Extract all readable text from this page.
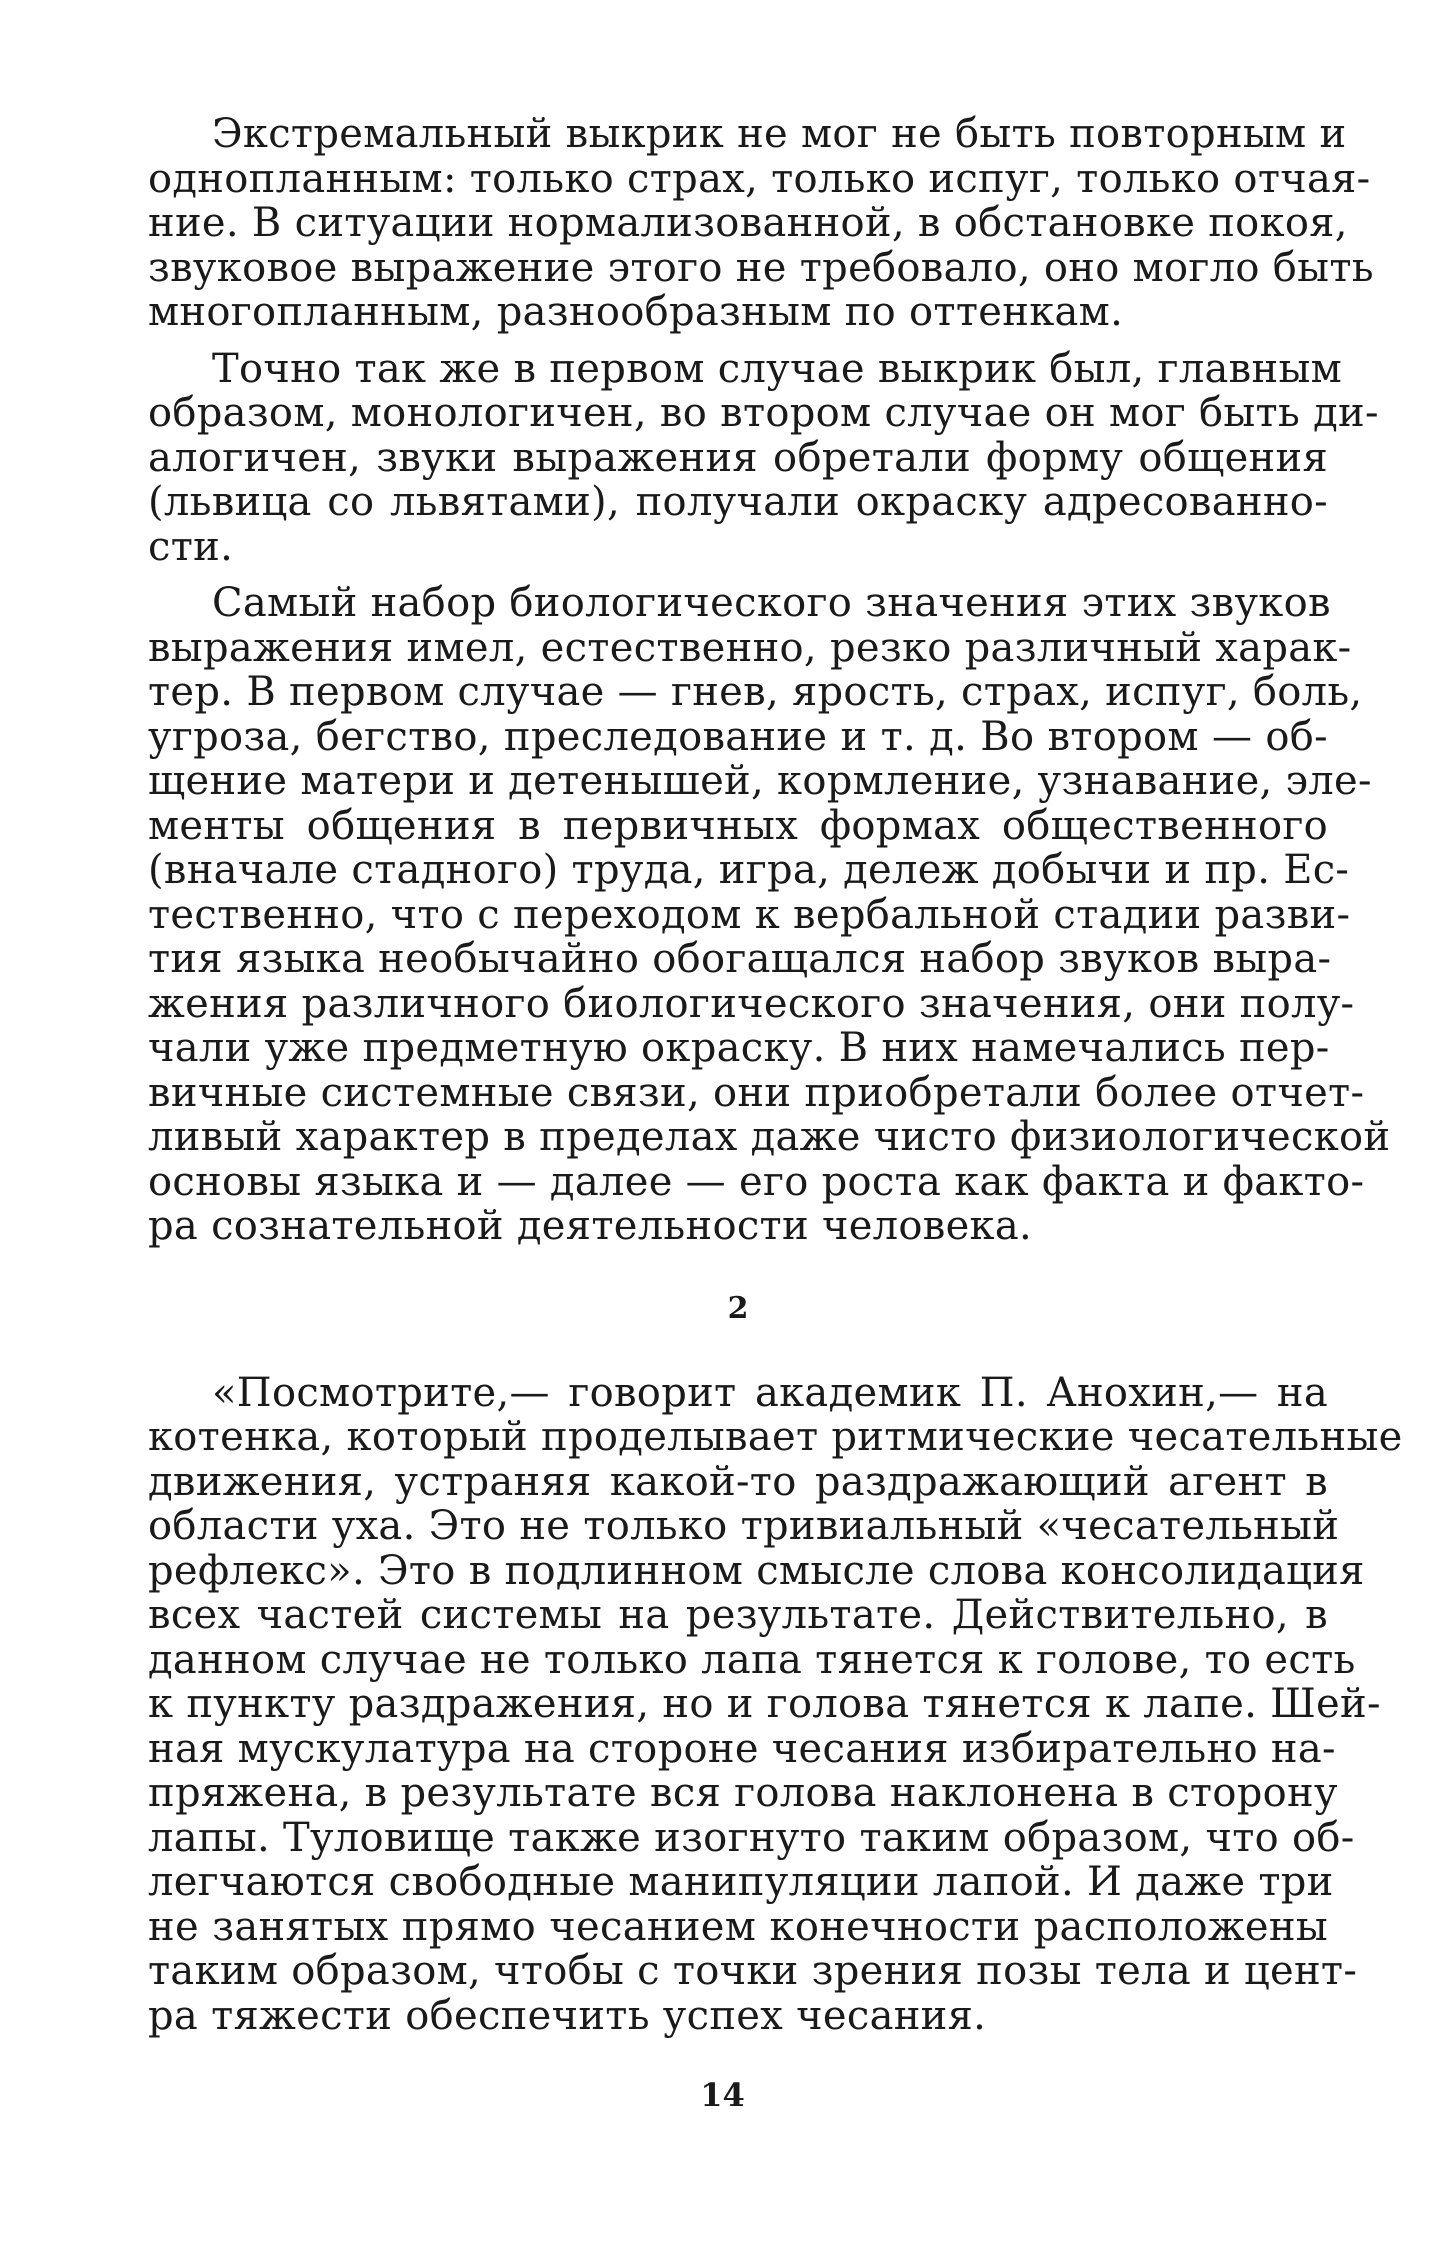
Экстремальный выкрик не мог не быть повторным и
однопланным: только страх, только испуг, только отчая-
ние. В ситуации нормализованной, в обстановке покоя,
звуковое выражение этого не требовало, оно могло быть
многопланным, разнообразным по оттенкам.
Точно так же в первом случае выкрик был, главным
образом, монологичен, во втором случае он мог быть ди-
алогичен, звуки выражения обретали форму общения
(львица со львятами), получали окраску адресованно-
сти.
Самый набор биологического значения этих звуков
выражения имел, естественно, резко различный харак-
тер. В первом случае — гнев, ярость, страх, испуг, боль,
угроза, бегство, преследование и т. д. Во втором — об-
щение матери и детенышей, кормление, узнавание, эле-
менты общения в первичных формах общественного
(вначале стадного) труда, игра, дележ добычи и пр. Ес-
тественно, что с переходом к вербальной стадии разви-
тия языка необычайно обогащался набор звуков выра-
жения различного биологического значения, они полу-
чали уже предметную окраску. В них намечались пер-
вичные системные связи, они приобретали более отчет-
ливый характер в пределах даже чисто физиологической
основы языка и — далее — его роста как факта и факто-
ра сознательной деятельности человека.
2
«Посмотрите,— говорит академик П. Анохин,— на
котенка, который проделывает ритмические чесательные
движения, устраняя какой-то раздражающий агент в
области уха. Это не только тривиальный «чесательный
рефлекс». Это в подлинном смысле слова консолидация
всех частей системы на результате. Действительно, в
данном случае не только лапа тянется к голове, то есть
к пункту раздражения, но и голова тянется к лапе. Шей-
ная мускулатура на стороне чесания избирательно на-
пряжена, в результате вся голова наклонена в сторону
лапы. Туловище также изогнуто таким образом, что об-
легчаются свободные манипуляции лапой. И даже три
не занятых прямо чесанием конечности расположены
таким образом, чтобы с точки зрения позы тела и цент-
ра тяжести обеспечить успех чесания.
14
